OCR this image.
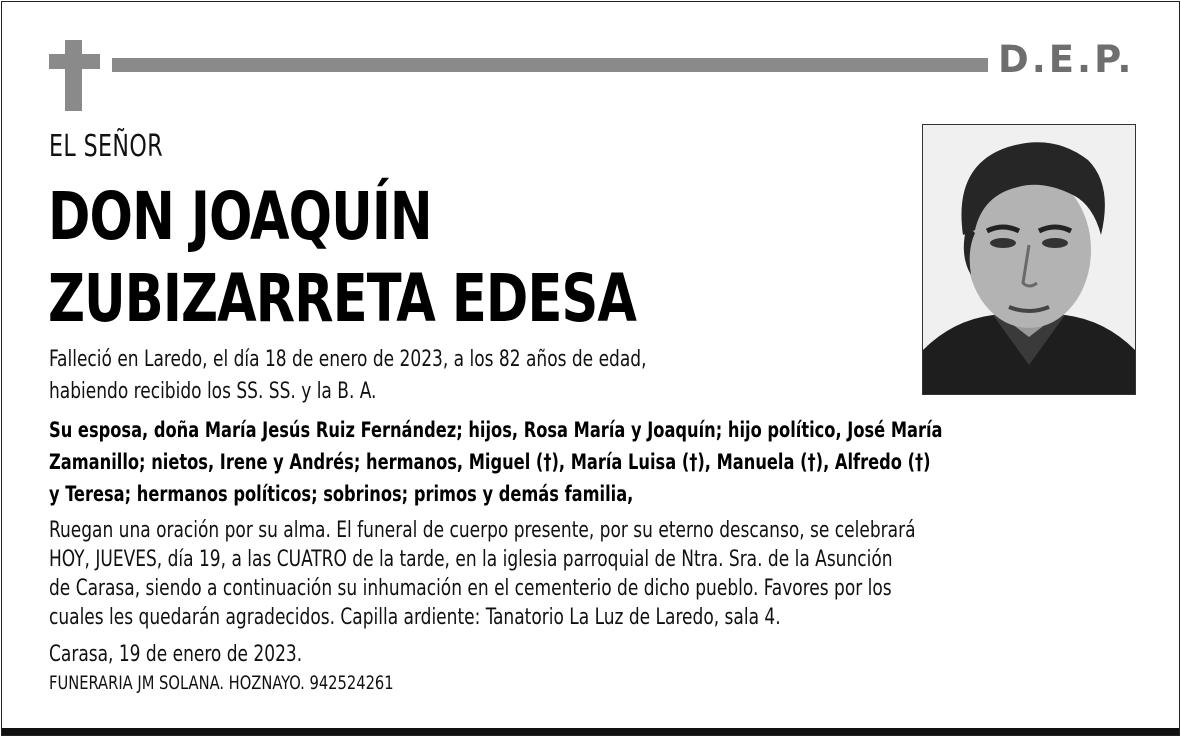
D.E.P.
EL SEÑOR
DON JOAQUÍN
ZUBIZARRETA EDESA
Falleció en Laredo, el día 18 de enero de 2023, a los 82 años de edad,
habiendo recibido los SS. SS. y la B. A.
Su esposa, doña María Jesús Ruiz Fernández; hijos, Rosa María y Joaquín; hijo político, José María
Zamanillo; nietos, Irene y Andrés; hermanos, Miguel (†), María Luisa (†), Manuela (†), Alfredo (†)
y Teresa; hermanos políticos; sobrinos; primos y demás familia,
Ruegan una oración por su alma. El funeral de cuerpo presente, por su eterno descanso, se celebrará
HOY, JUEVES, día 19, a las CUATRO de la tarde, en la iglesia parroquial de Ntra. Sra. de la Asunción
de Carasa, siendo a continuación su inhumación en el cementerio de dicho pueblo. Favores por los
cuales les quedarán agradecidos. Capilla ardiente: Tanatorio La Luz de Laredo, sala 4.
Carasa, 19 de enero de 2023.
FUNERARIA JM SOLANA. HOZNAYO. 942524261
